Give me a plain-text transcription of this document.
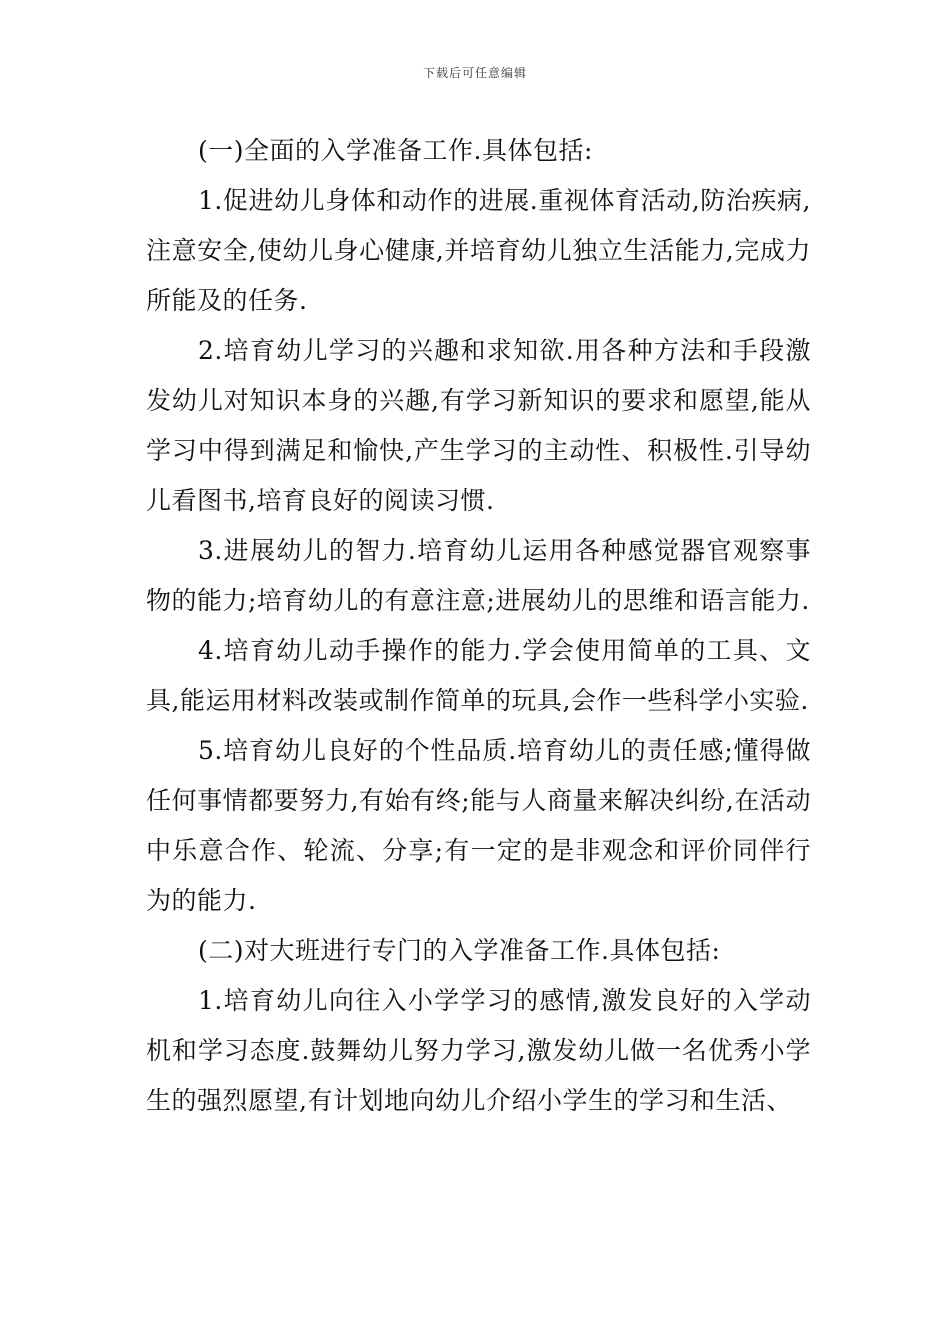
下载后可任意编辑

(一)全面的入学准备工作.具体包括:

1.促进幼儿身体和动作的进展.重视体育活动,防治疾病,注意安全,使幼儿身心健康,并培育幼儿独立生活能力,完成力所能及的任务.

2.培育幼儿学习的兴趣和求知欲.用各种方法和手段激发幼儿对知识本身的兴趣,有学习新知识的要求和愿望,能从学习中得到满足和愉快,产生学习的主动性、积极性.引导幼儿看图书,培育良好的阅读习惯.

3.进展幼儿的智力.培育幼儿运用各种感觉器官观察事物的能力;培育幼儿的有意注意;进展幼儿的思维和语言能力.

4.培育幼儿动手操作的能力.学会使用简单的工具、文具,能运用材料改装或制作简单的玩具,会作一些科学小实验.

5.培育幼儿良好的个性品质.培育幼儿的责任感;懂得做任何事情都要努力,有始有终;能与人商量来解决纠纷,在活动中乐意合作、轮流、分享;有一定的是非观念和评价同伴行为的能力.

(二)对大班进行专门的入学准备工作.具体包括:

1.培育幼儿向往入小学学习的感情,激发良好的入学动机和学习态度.鼓舞幼儿努力学习,激发幼儿做一名优秀小学生的强烈愿望,有计划地向幼儿介绍小学生的学习和生活、
